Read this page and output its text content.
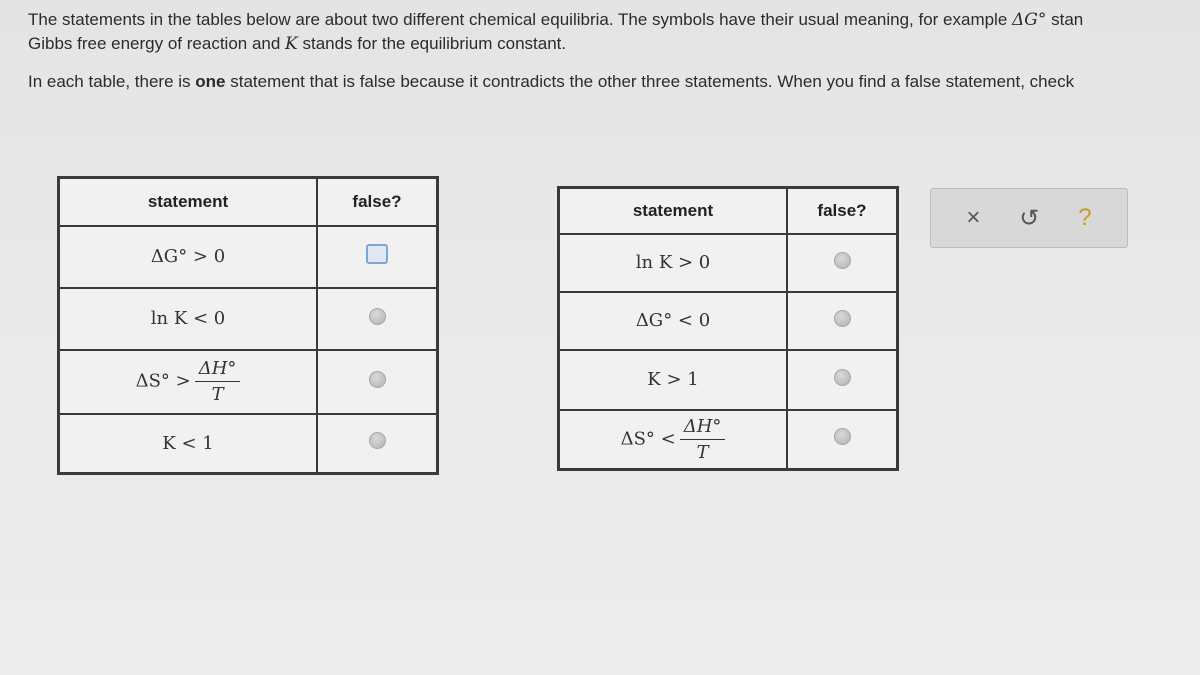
The statements in the tables below are about two different chemical equilibria. The symbols have their usual meaning, for example ΔG° stan

Gibbs free energy of reaction and K stands for the equilibrium constant.

In each table, there is one statement that is false because it contradicts the other three statements. When you find a false statement, check

statement	false?
ΔG° > 0	
ln K < 0	
$\Delta S^\circ > \frac{\Delta H^\circ}{T}$

K < 1	
statement	false?
ln K > 0	
ΔG° < 0	
K > 1	
$\Delta S^\circ < \frac{\Delta H^\circ}{T}$

× ↺ ?
